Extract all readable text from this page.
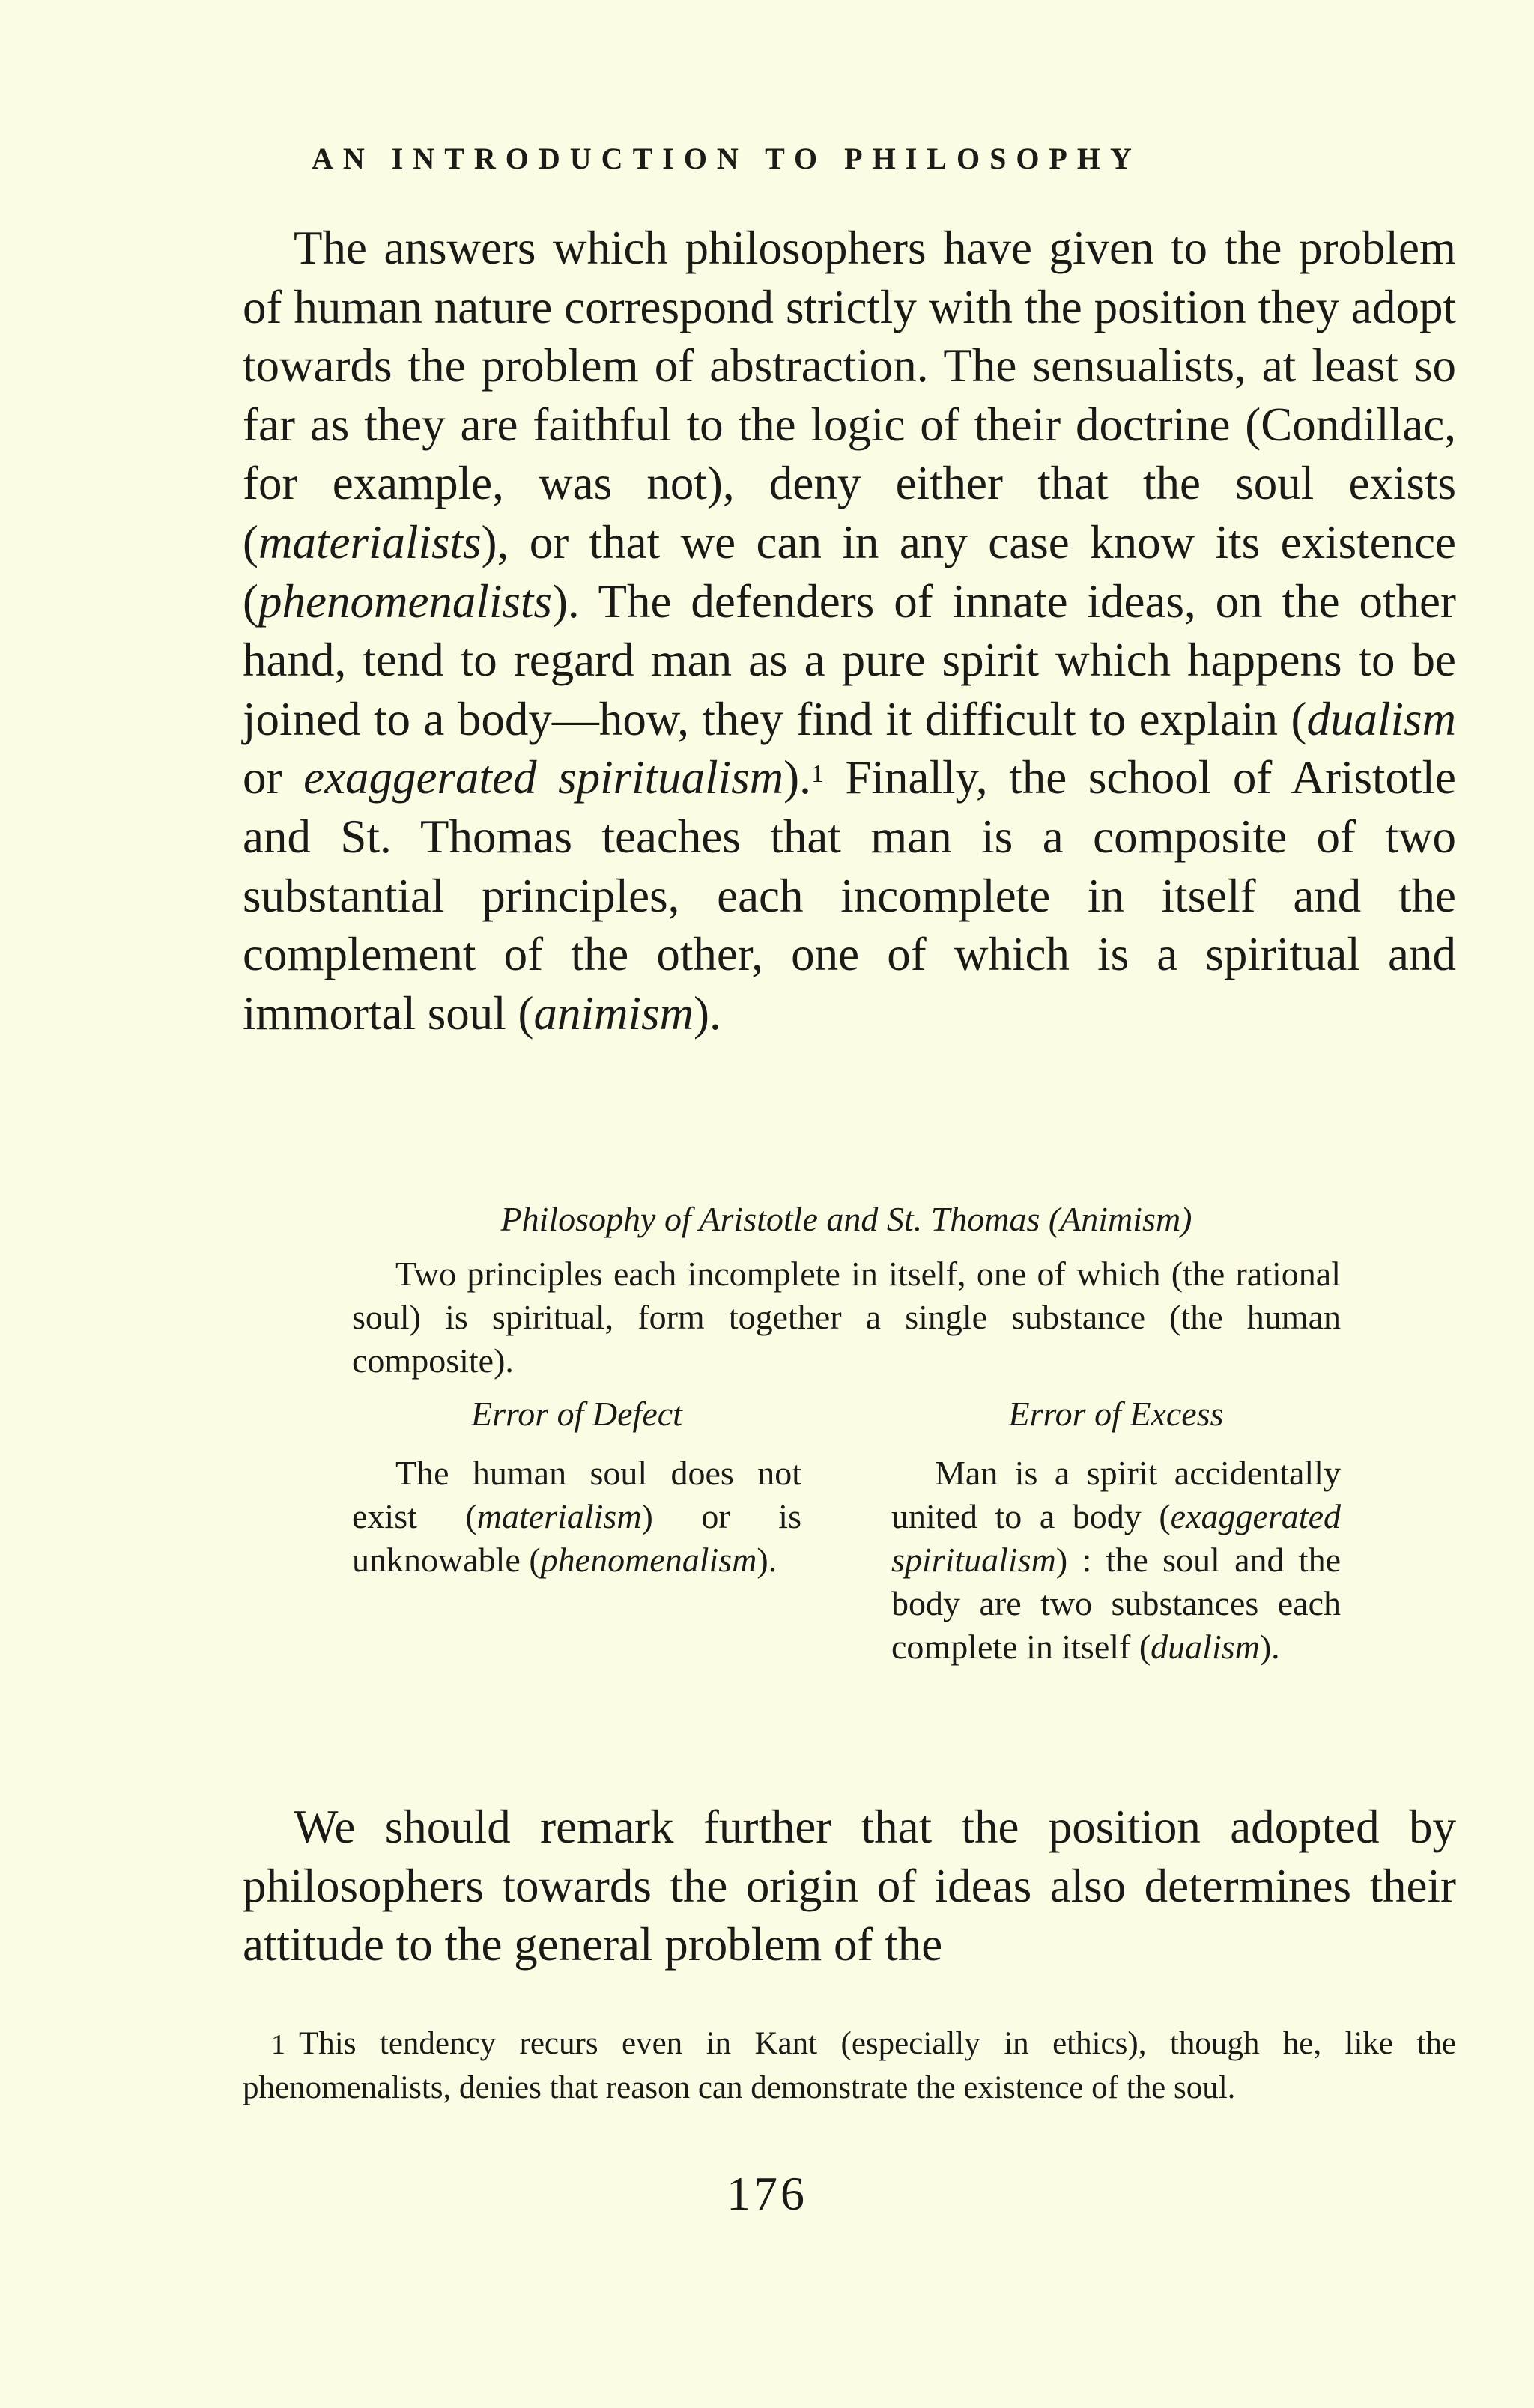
AN INTRODUCTION TO PHILOSOPHY

The answers which philosophers have given to the problem of human nature correspond strictly with the position they adopt towards the problem of abstraction. The sensualists, at least so far as they are faithful to the logic of their doctrine (Condillac, for example, was not), deny either that the soul exists (materialists), or that we can in any case know its existence (phenomenalists). The defenders of innate ideas, on the other hand, tend to regard man as a pure spirit which happens to be joined to a body—how, they find it difficult to explain (dualism or exaggerated spiritualism).$^1$ Finally, the school of Aristotle and St. Thomas teaches that man is a composite of two substantial principles, each incomplete in itself and the complement of the other, one of which is a spiritual and immortal soul (animism).

Philosophy of Aristotle and St. Thomas (Animism)

Two principles each incomplete in itself, one of which (the rational soul) is spiritual, form together a single substance (the human composite).

Error of Defect

The human soul does not exist (materialism) or is unknowable (phenomenalism).

Error of Excess

Man is a spirit accidentally united to a body (exaggerated spiritualism) : the soul and the body are two substances each complete in itself (dualism).

We should remark further that the position adopted by philosophers towards the origin of ideas also determines their attitude to the general problem of the

1 This tendency recurs even in Kant (especially in ethics), though he, like the phenomenalists, denies that reason can demonstrate the existence of the soul.

176
